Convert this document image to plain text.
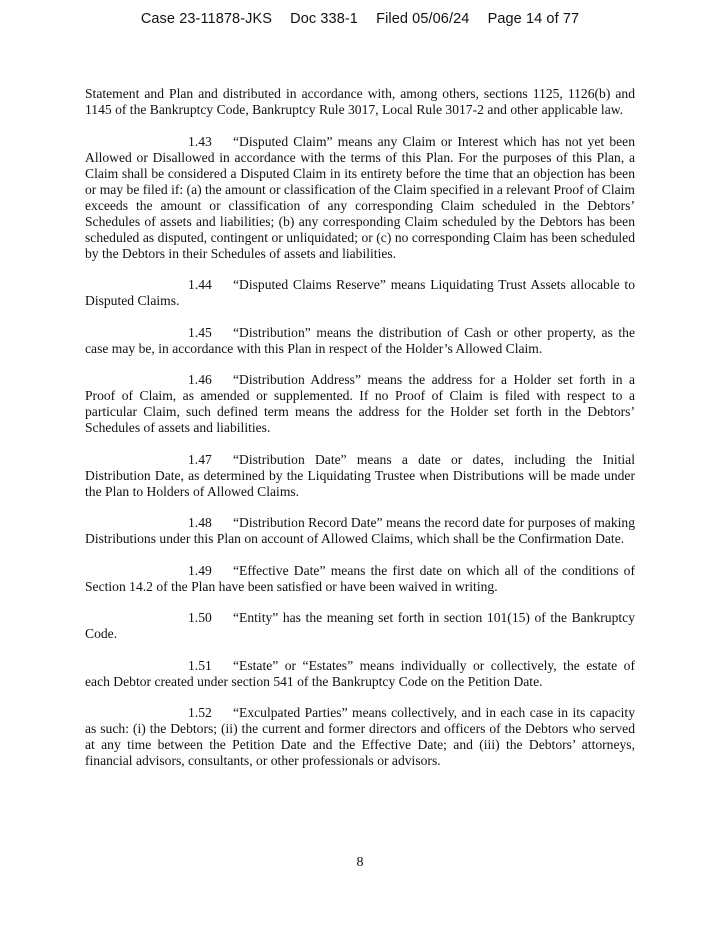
Case 23-11878-JKS Doc 338-1 Filed 05/06/24 Page 14 of 77

Statement and Plan and distributed in accordance with, among others, sections 1125, 1126(b) and 1145 of the Bankruptcy Code, Bankruptcy Rule 3017, Local Rule 3017-2 and other applicable law.

1.43 “Disputed Claim” means any Claim or Interest which has not yet been Allowed or Disallowed in accordance with the terms of this Plan. For the purposes of this Plan, a Claim shall be considered a Disputed Claim in its entirety before the time that an objection has been or may be filed if: (a) the amount or classification of the Claim specified in a relevant Proof of Claim exceeds the amount or classification of any corresponding Claim scheduled in the Debtors’ Schedules of assets and liabilities; (b) any corresponding Claim scheduled by the Debtors has been scheduled as disputed, contingent or unliquidated; or (c) no corresponding Claim has been scheduled by the Debtors in their Schedules of assets and liabilities.

1.44 “Disputed Claims Reserve” means Liquidating Trust Assets allocable to Disputed Claims.

1.45 “Distribution” means the distribution of Cash or other property, as the case may be, in accordance with this Plan in respect of the Holder’s Allowed Claim.

1.46 “Distribution Address” means the address for a Holder set forth in a Proof of Claim, as amended or supplemented. If no Proof of Claim is filed with respect to a particular Claim, such defined term means the address for the Holder set forth in the Debtors’ Schedules of assets and liabilities.

1.47 “Distribution Date” means a date or dates, including the Initial Distribution Date, as determined by the Liquidating Trustee when Distributions will be made under the Plan to Holders of Allowed Claims.

1.48 “Distribution Record Date” means the record date for purposes of making Distributions under this Plan on account of Allowed Claims, which shall be the Confirmation Date.

1.49 “Effective Date” means the first date on which all of the conditions of Section 14.2 of the Plan have been satisfied or have been waived in writing.

1.50 “Entity” has the meaning set forth in section 101(15) of the Bankruptcy Code.

1.51 “Estate” or “Estates” means individually or collectively, the estate of each Debtor created under section 541 of the Bankruptcy Code on the Petition Date.

1.52 “Exculpated Parties” means collectively, and in each case in its capacity as such: (i) the Debtors; (ii) the current and former directors and officers of the Debtors who served at any time between the Petition Date and the Effective Date; and (iii) the Debtors’ attorneys, financial advisors, consultants, or other professionals or advisors.

8
